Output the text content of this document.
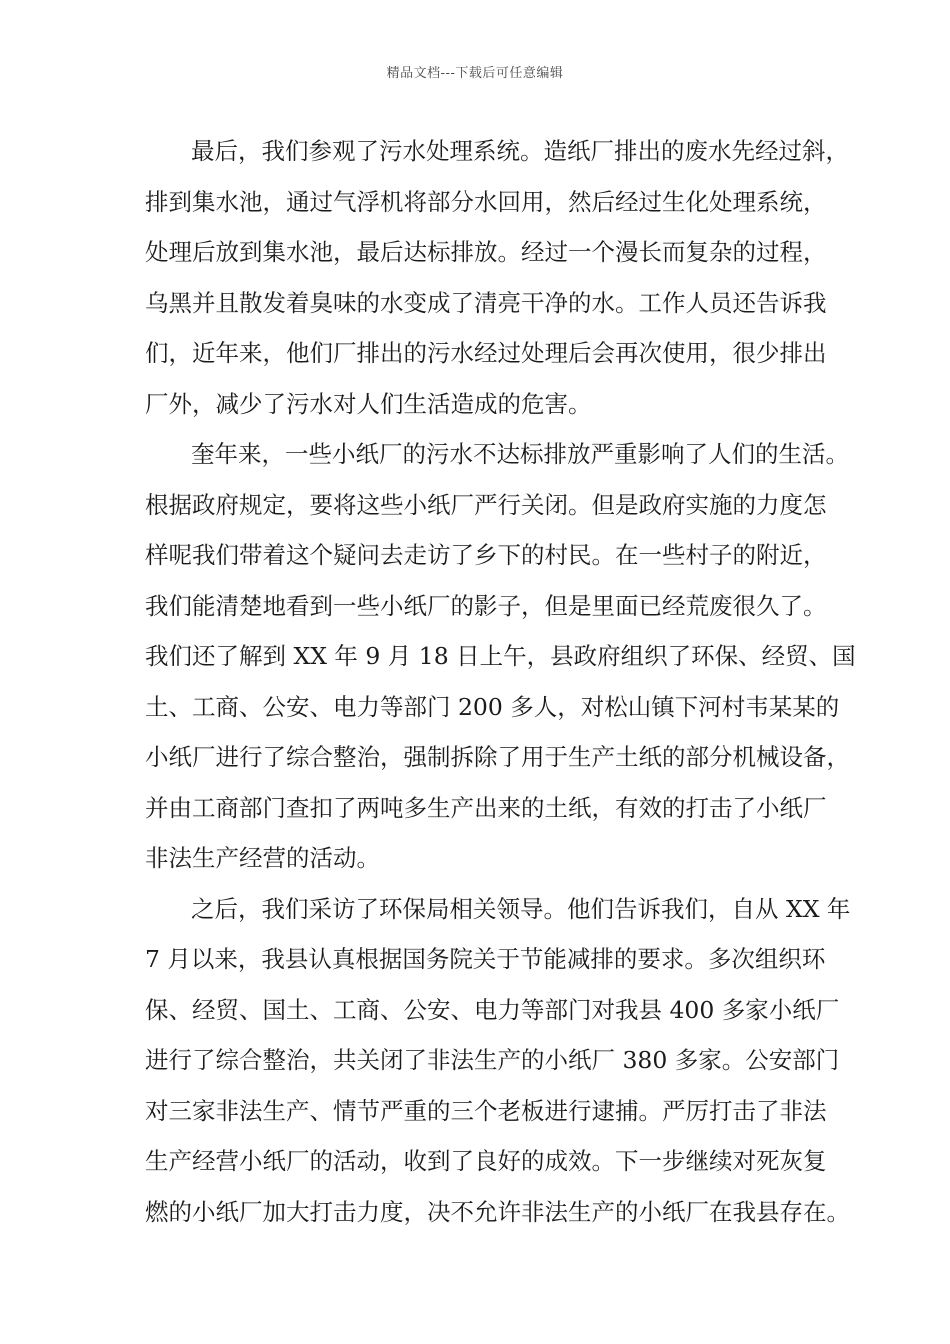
精品文档---下载后可任意编辑
最后，我们参观了污水处理系统。造纸厂排出的废水先经过斜，
排到集水池，通过气浮机将部分水回用，然后经过生化处理系统，
处理后放到集水池，最后达标排放。经过一个漫长而复杂的过程，
乌黑并且散发着臭味的水变成了清亮干净的水。工作人员还告诉我
们，近年来，他们厂排出的污水经过处理后会再次使用，很少排出
厂外，减少了污水对人们生活造成的危害。
奎年来，一些小纸厂的污水不达标排放严重影响了人们的生活。
根据政府规定，要将这些小纸厂严行关闭。但是政府实施的力度怎
样呢我们带着这个疑问去走访了乡下的村民。在一些村子的附近，
我们能清楚地看到一些小纸厂的影子，但是里面已经荒废很久了。
我们还了解到 XX 年 9 月 18 日上午，县政府组织了环保、经贸、国
土、工商、公安、电力等部门 200 多人，对松山镇下河村韦某某的
小纸厂进行了综合整治，强制拆除了用于生产土纸的部分机械设备，
并由工商部门查扣了两吨多生产出来的土纸，有效的打击了小纸厂
非法生产经营的活动。
之后，我们采访了环保局相关领导。他们告诉我们，自从 XX 年
7 月以来，我县认真根据国务院关于节能减排的要求。多次组织环
保、经贸、国土、工商、公安、电力等部门对我县 400 多家小纸厂
进行了综合整治，共关闭了非法生产的小纸厂 380 多家。公安部门
对三家非法生产、情节严重的三个老板进行逮捕。严厉打击了非法
生产经营小纸厂的活动，收到了良好的成效。下一步继续对死灰复
燃的小纸厂加大打击力度，决不允许非法生产的小纸厂在我县存在。
